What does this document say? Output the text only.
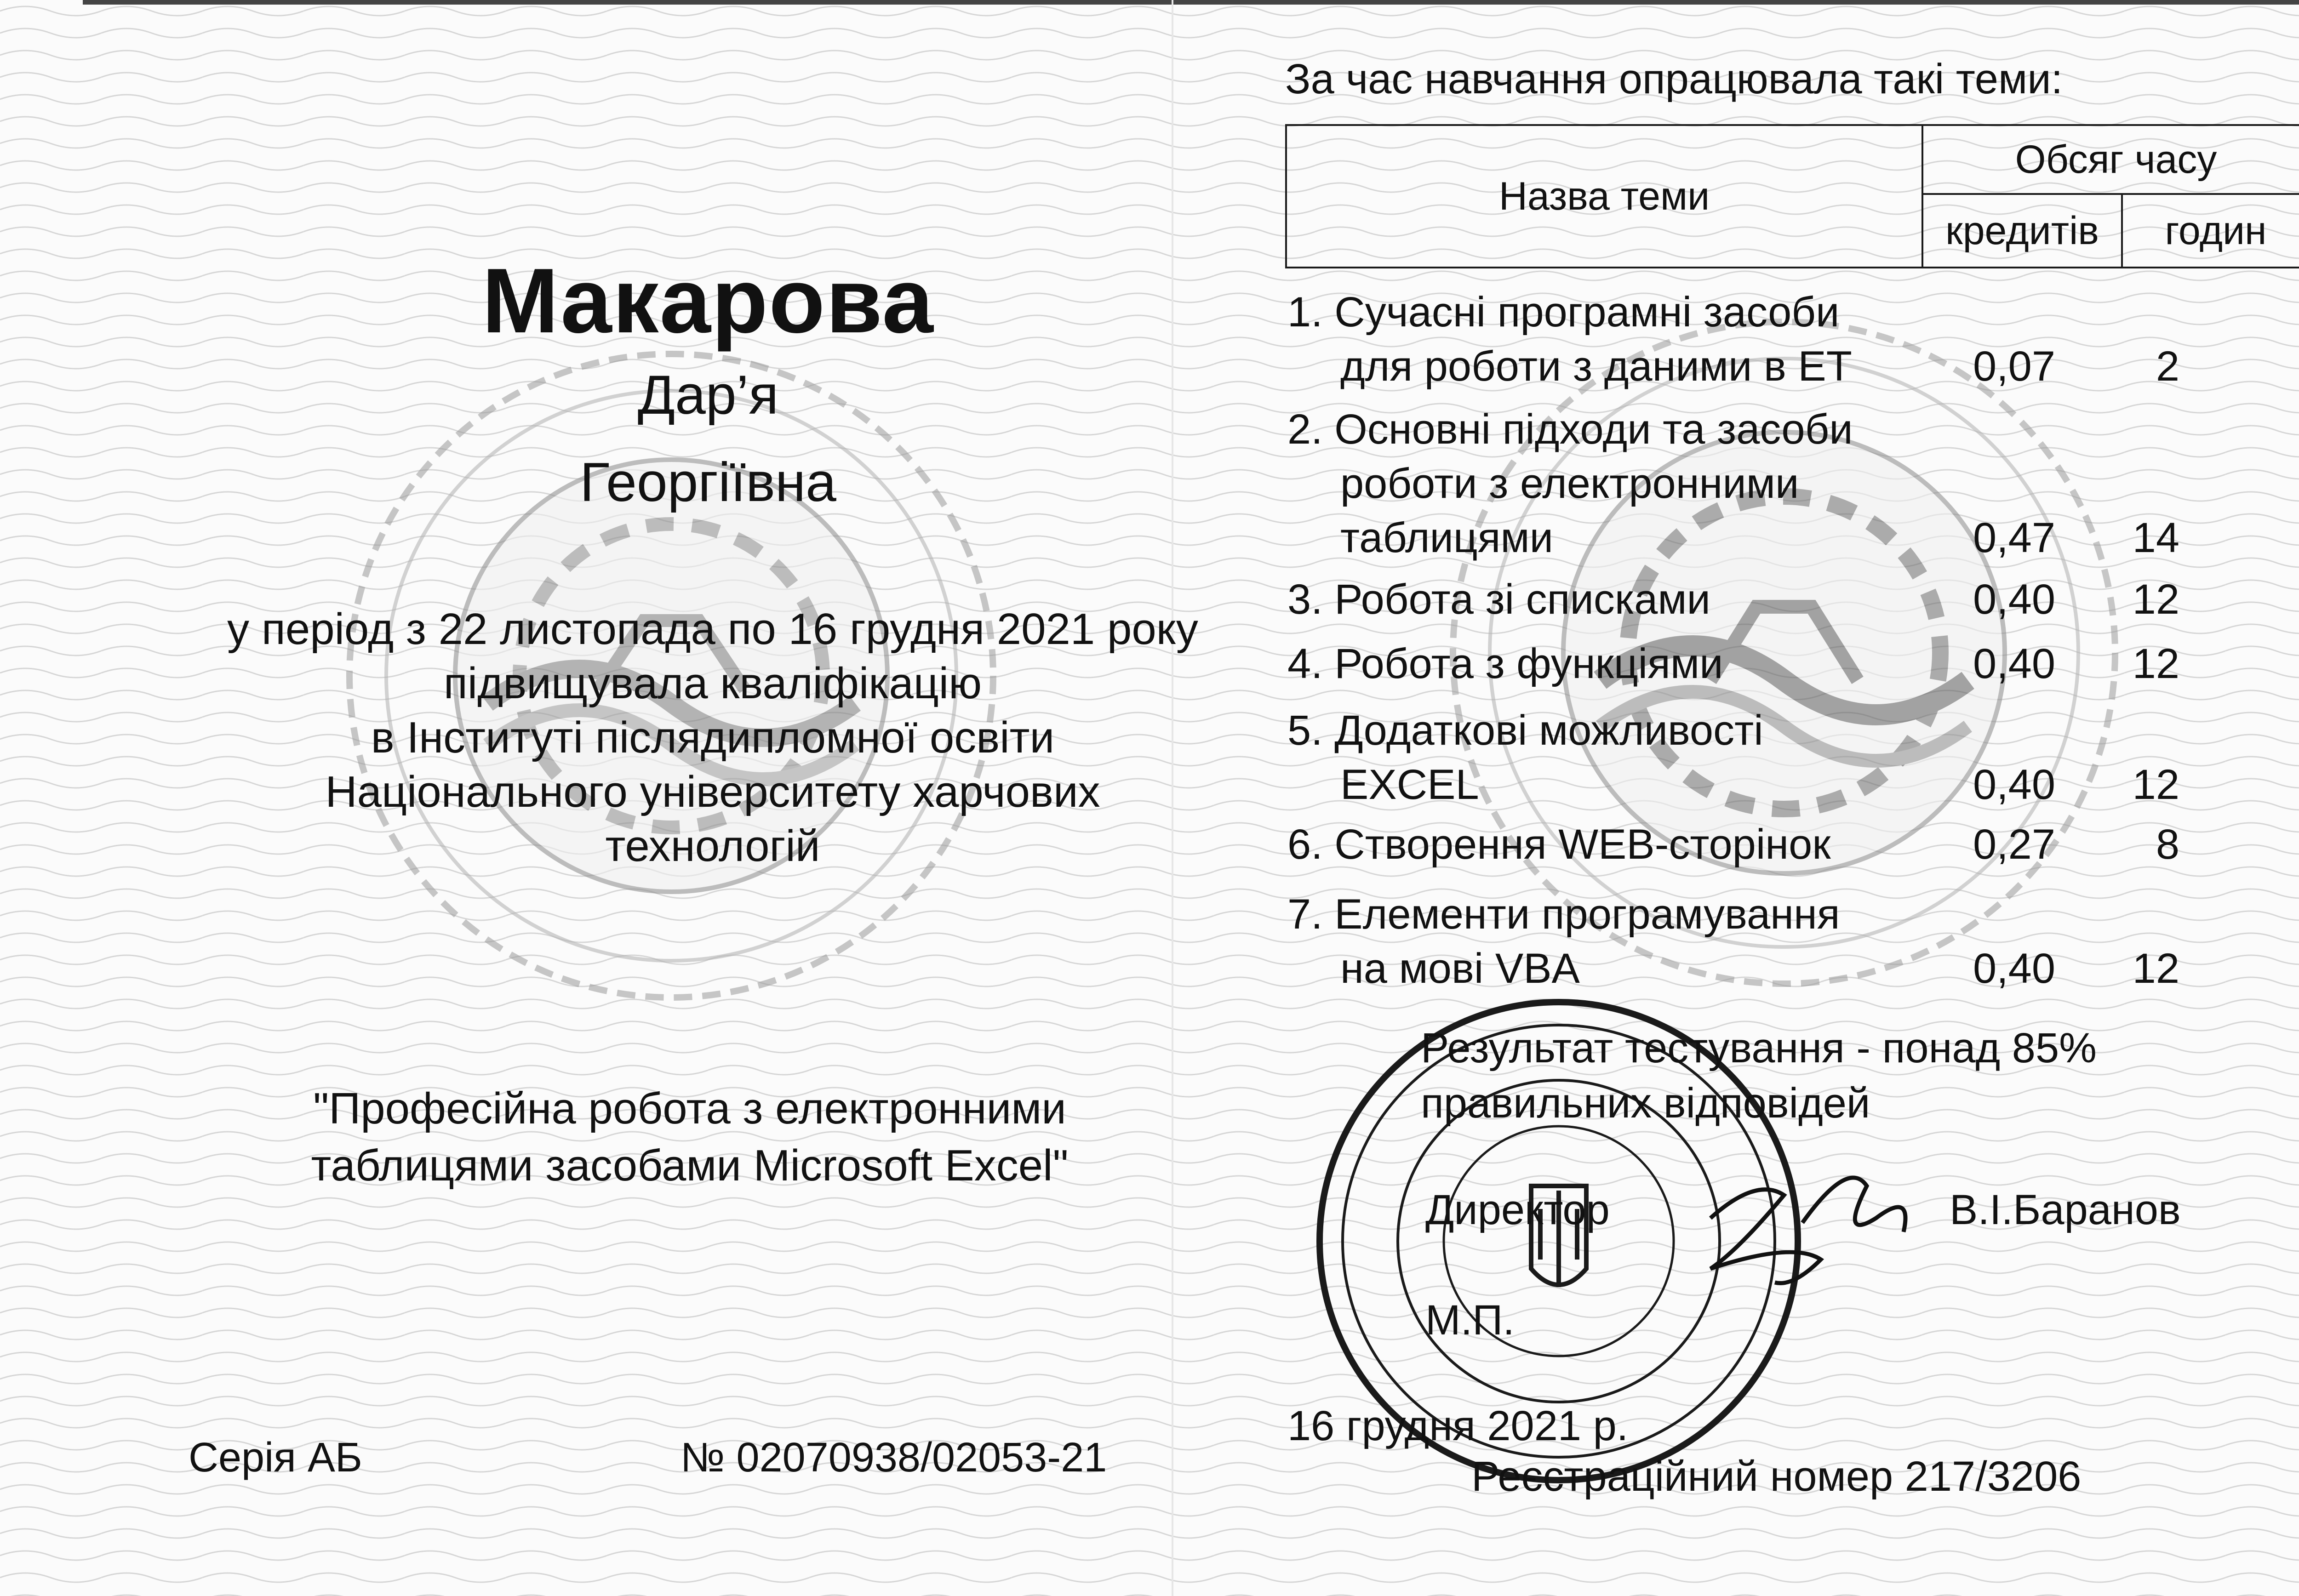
Макарова
Дар’я
Георгіївна
у період з 22 листопада по 16 грудня 2021 року
підвищувала кваліфікацію
в Інституті післядипломної освіти
Національного університету харчових
технологій
"Професійна робота з електронними
таблицями засобами Microsoft Excel"
Серія АБ	№ 02070938/02053-21
За час навчання опрацювала такі теми:
Назва теми	Обсяг часу	
	кредитів	годин
1. Сучасні програмні засоби
для роботи з даними в ЕТ	0,07	2
2. Основні підходи та засоби
роботи з електронними
таблицями	0,47	14
3. Робота зі списками	0,40	12
4. Робота з функціями	0,40	12
5. Додаткові можливості
EXCEL	0,40	12
6. Створення WEB-сторінок	0,27	8
7. Елементи програмування
на мові VBA	0,40	12
Результат тестування - понад 85%
правильних відповідей
Директор	В.І.Баранов
М.П.
16 грудня 2021 р.
Реєстраційний номер 217/3206
